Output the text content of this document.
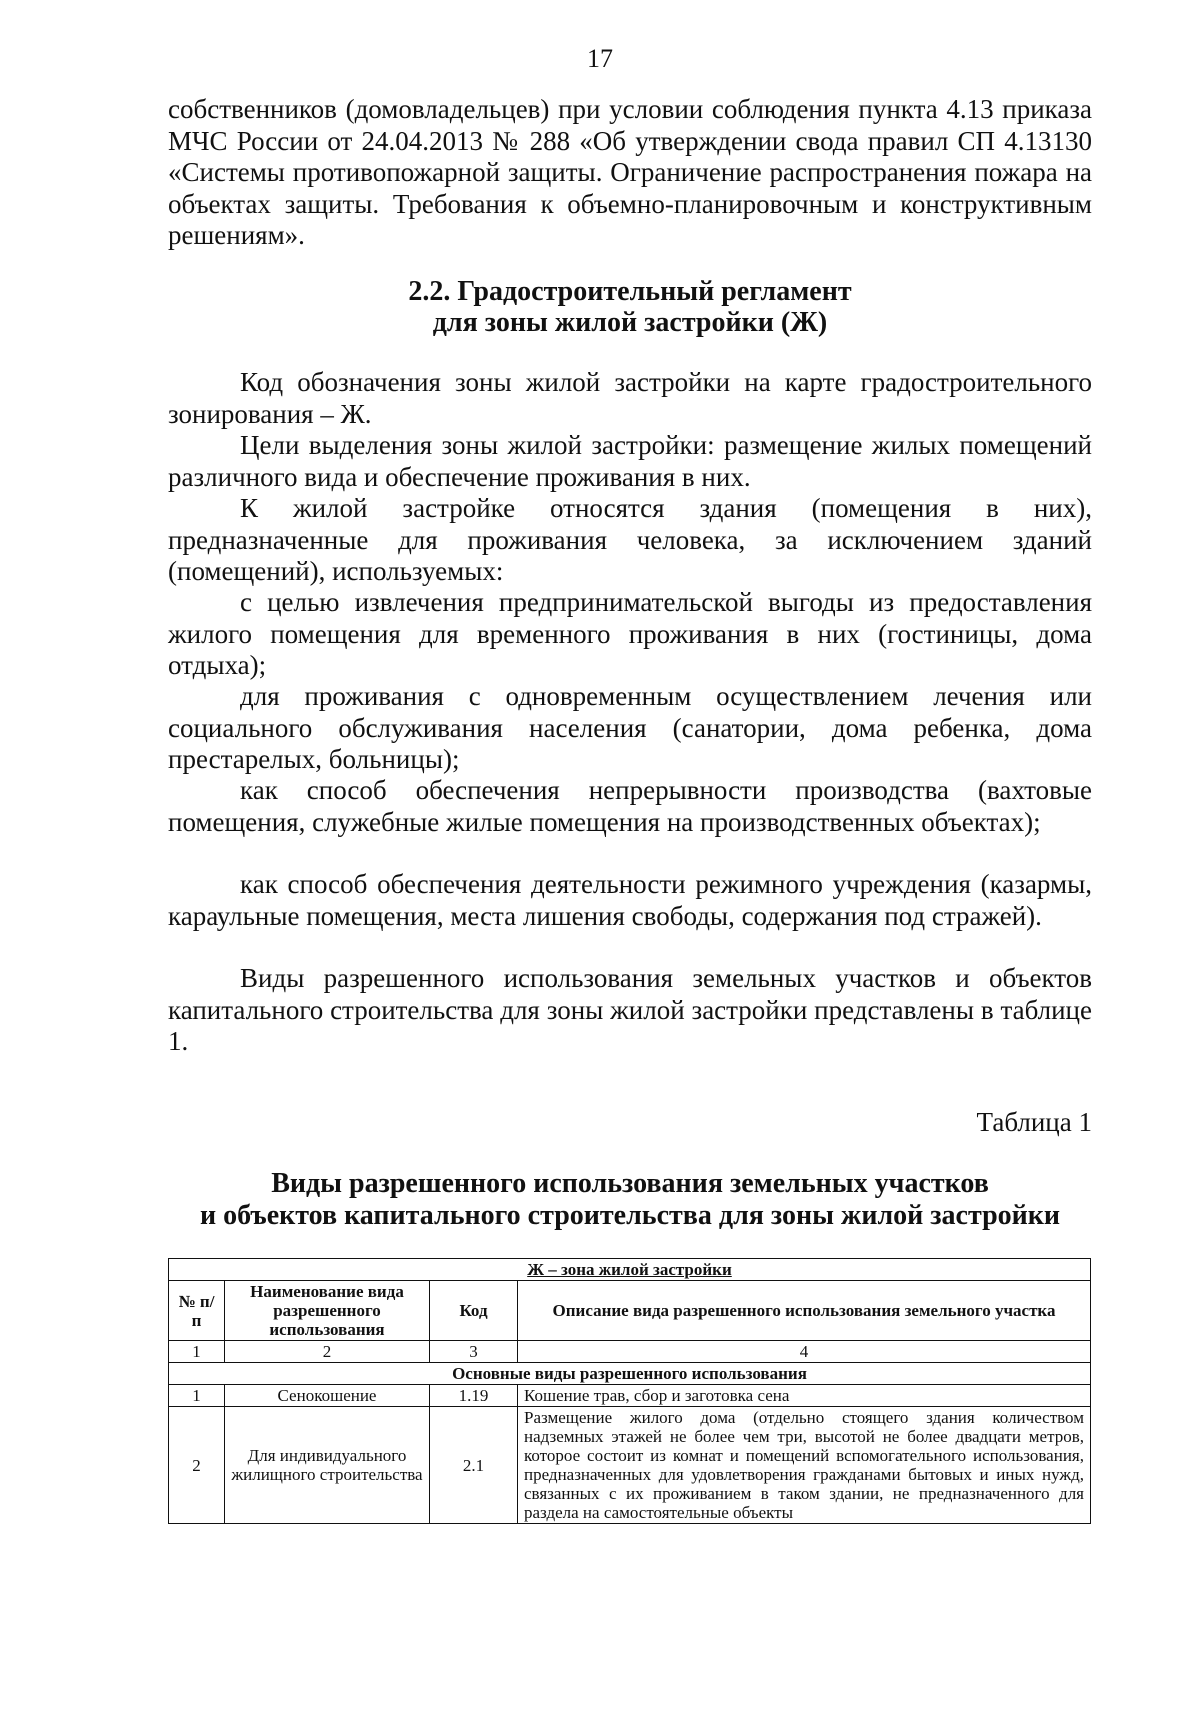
17

собственников (домовладельцев) при условии соблюдения пункта 4.13 приказа МЧС России от 24.04.2013 № 288 «Об утверждении свода правил СП 4.13130 «Системы противопожарной защиты. Ограничение распространения пожара на объектах защиты. Требования к объемно-планировочным и конструктивным решениям».

2.2. Градостроительный регламент

для зоны жилой застройки (Ж)

Код обозначения зоны жилой застройки на карте градостроительного зонирования – Ж.

Цели выделения зоны жилой застройки: размещение жилых помещений различного вида и обеспечение проживания в них.

К жилой застройке относятся здания (помещения в них), предназначенные для проживания человека, за исключением зданий (помещений), используемых:

с целью извлечения предпринимательской выгоды из предоставления жилого помещения для временного проживания в них (гостиницы, дома отдыха);

для проживания с одновременным осуществлением лечения или социального обслуживания населения (санатории, дома ребенка, дома престарелых, больницы);

как способ обеспечения непрерывности производства (вахтовые помещения, служебные жилые помещения на производственных объектах);

как способ обеспечения деятельности режимного учреждения (казармы, караульные помещения, места лишения свободы, содержания под стражей).

Виды разрешенного использования земельных участков и объектов капитального строительства для зоны жилой застройки представлены в таблице 1.

Таблица 1

Виды разрешенного использования земельных участков

и объектов капитального строительства для зоны жилой застройки

Ж – зона жилой застройки			
№ п/п	Наименование вида разрешенного использования	Код	Описание вида разрешенного использования земельного участка
1	2	3	4
Основные виды разрешенного использования			
1	Сенокошение	1.19	Кошение трав, сбор и заготовка сена
2	Для индивидуального жилищного строительства	2.1	Размещение жилого дома (отдельно стоящего здания количеством надземных этажей не более чем три, высотой не более двадцати метров, которое состоит из комнат и помещений вспомогательного использования, предназначенных для удовлетворения гражданами бытовых и иных нужд, связанных с их проживанием в таком здании, не предназначенного для раздела на самостоятельные объекты
